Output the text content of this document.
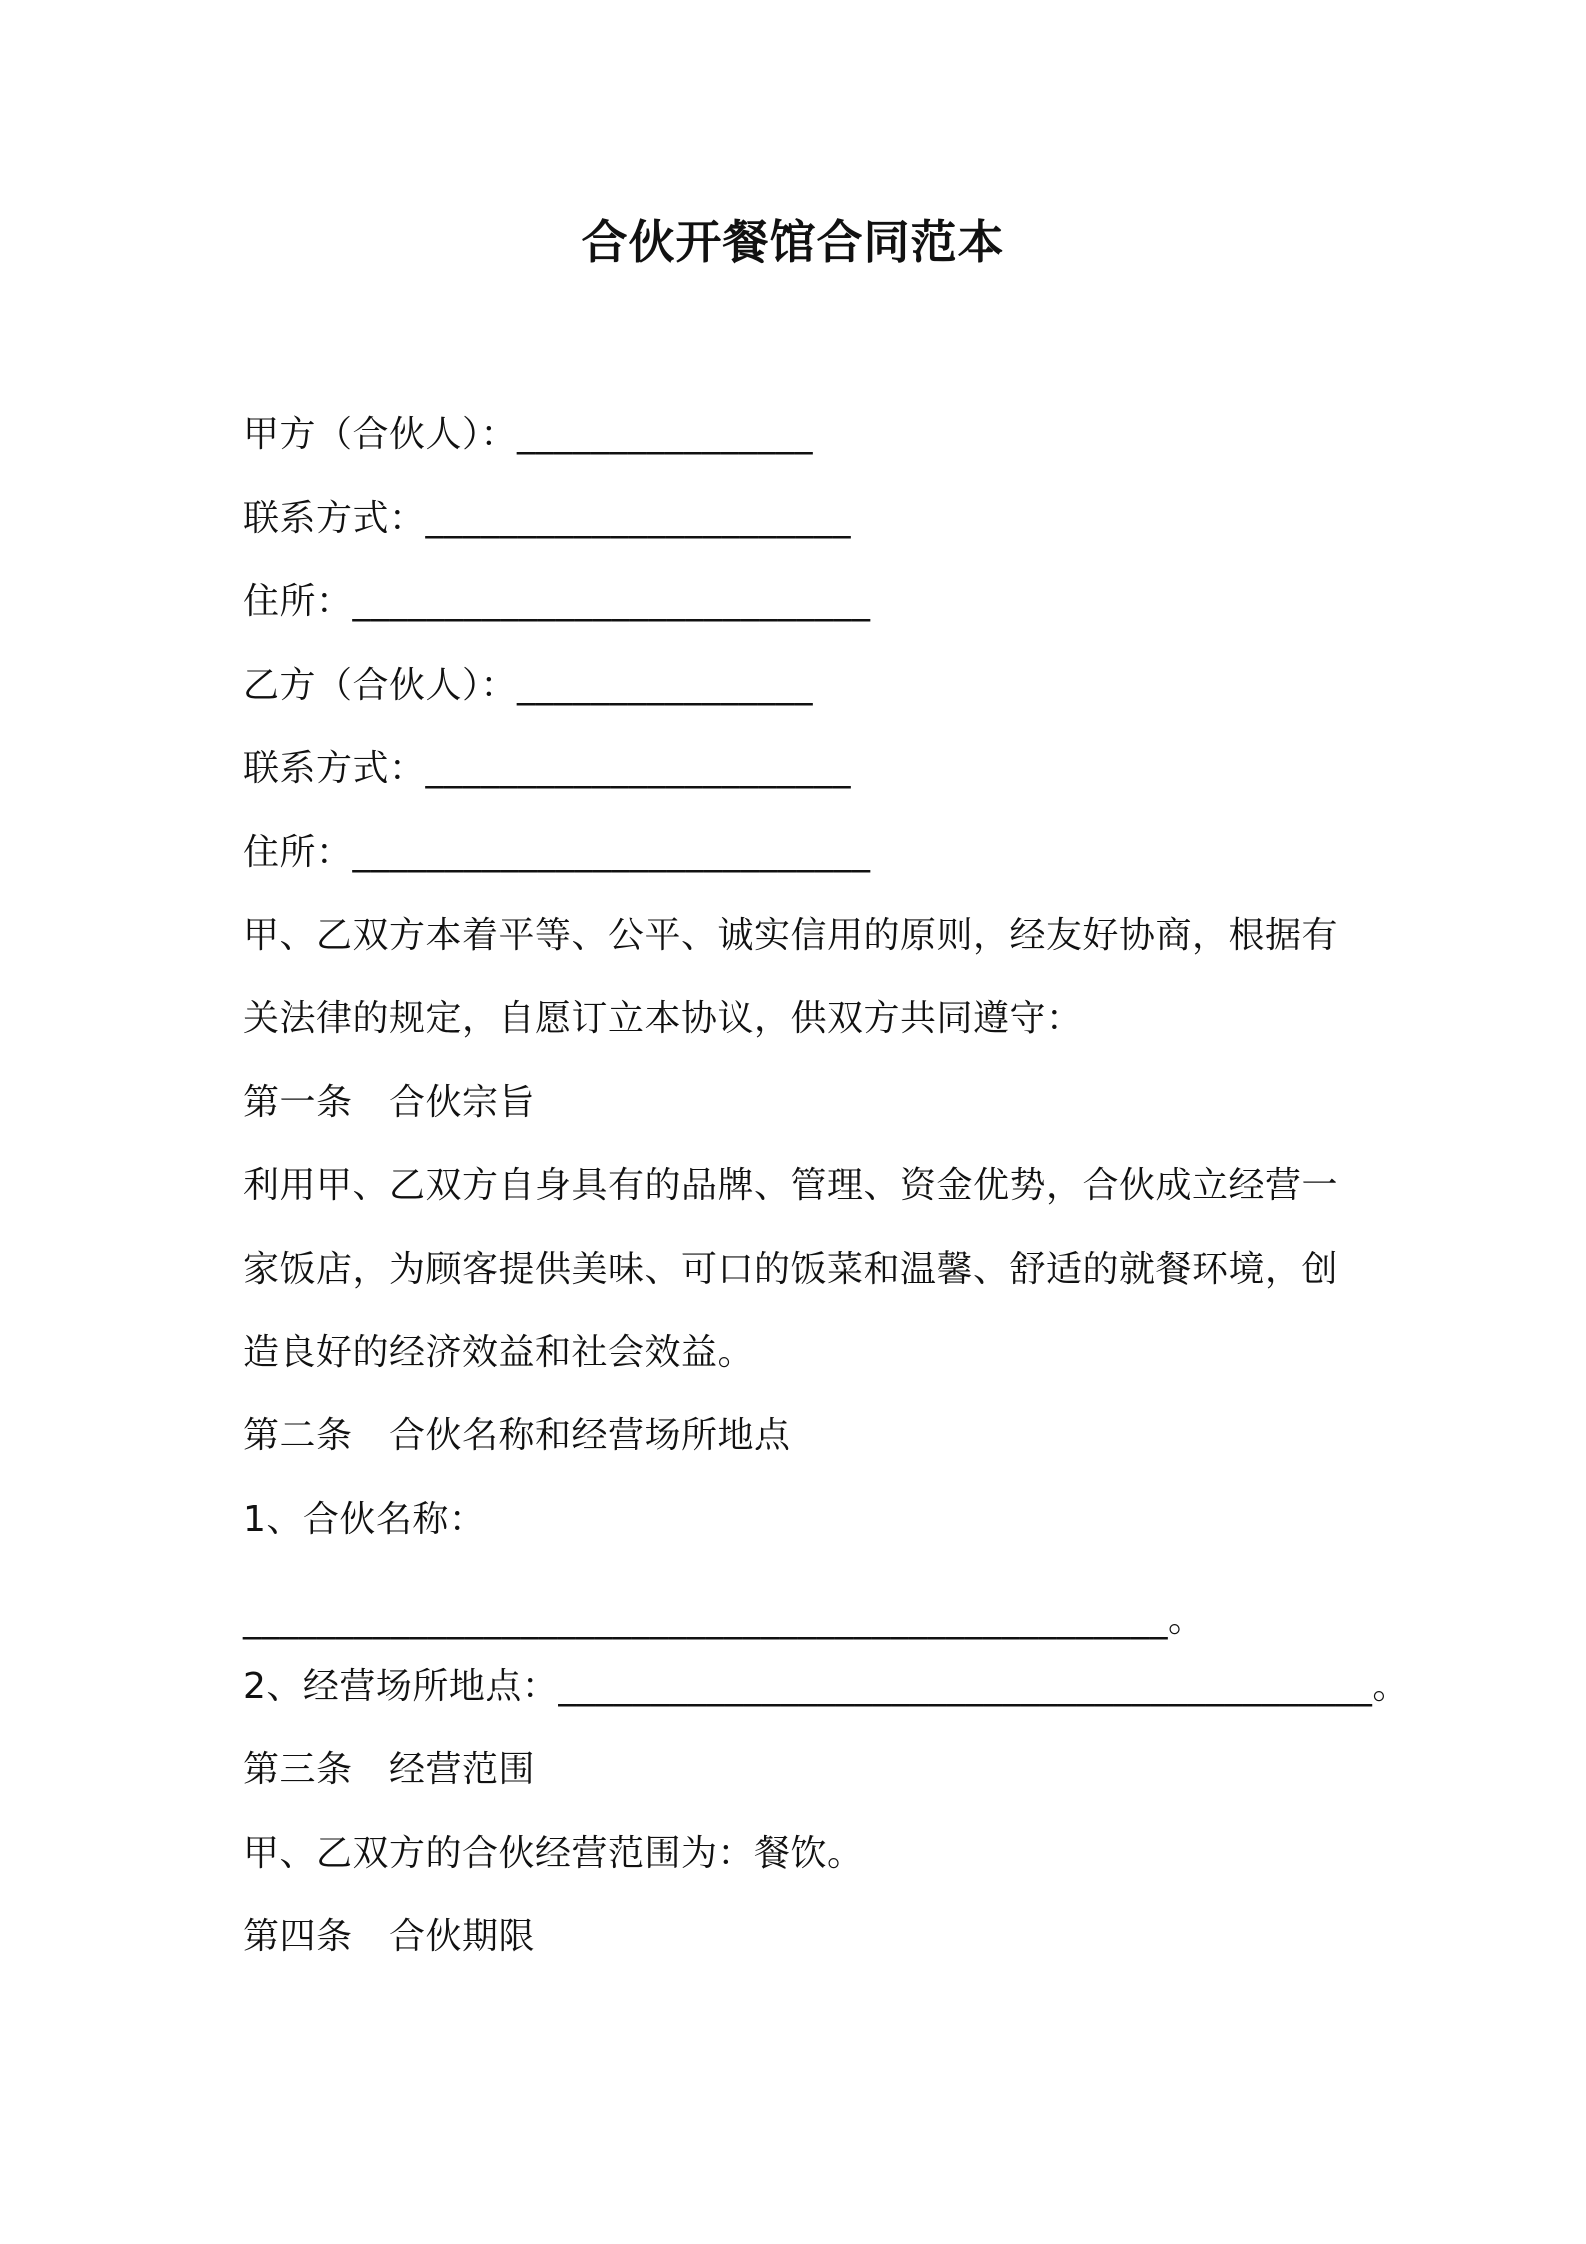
合伙开餐馆合同范本
甲方（合伙人）：________________
联系方式：_______________________
住所：____________________________
乙方（合伙人）：________________
联系方式：_______________________
住所：____________________________
甲、乙双方本着平等、公平、诚实信用的原则，经友好协商，根据有
关法律的规定，自愿订立本协议，供双方共同遵守：
第一条　合伙宗旨
利用甲、乙双方自身具有的品牌、管理、资金优势，合伙成立经营一
家饭店，为顾客提供美味、可口的饭菜和温馨、舒适的就餐环境，创
造良好的经济效益和社会效益。
第二条　合伙名称和经营场所地点
1、合伙名称：
__________________________________________________。
2、经营场所地点：____________________________________________。
第三条　经营范围
甲、乙双方的合伙经营范围为：餐饮。
第四条　合伙期限
